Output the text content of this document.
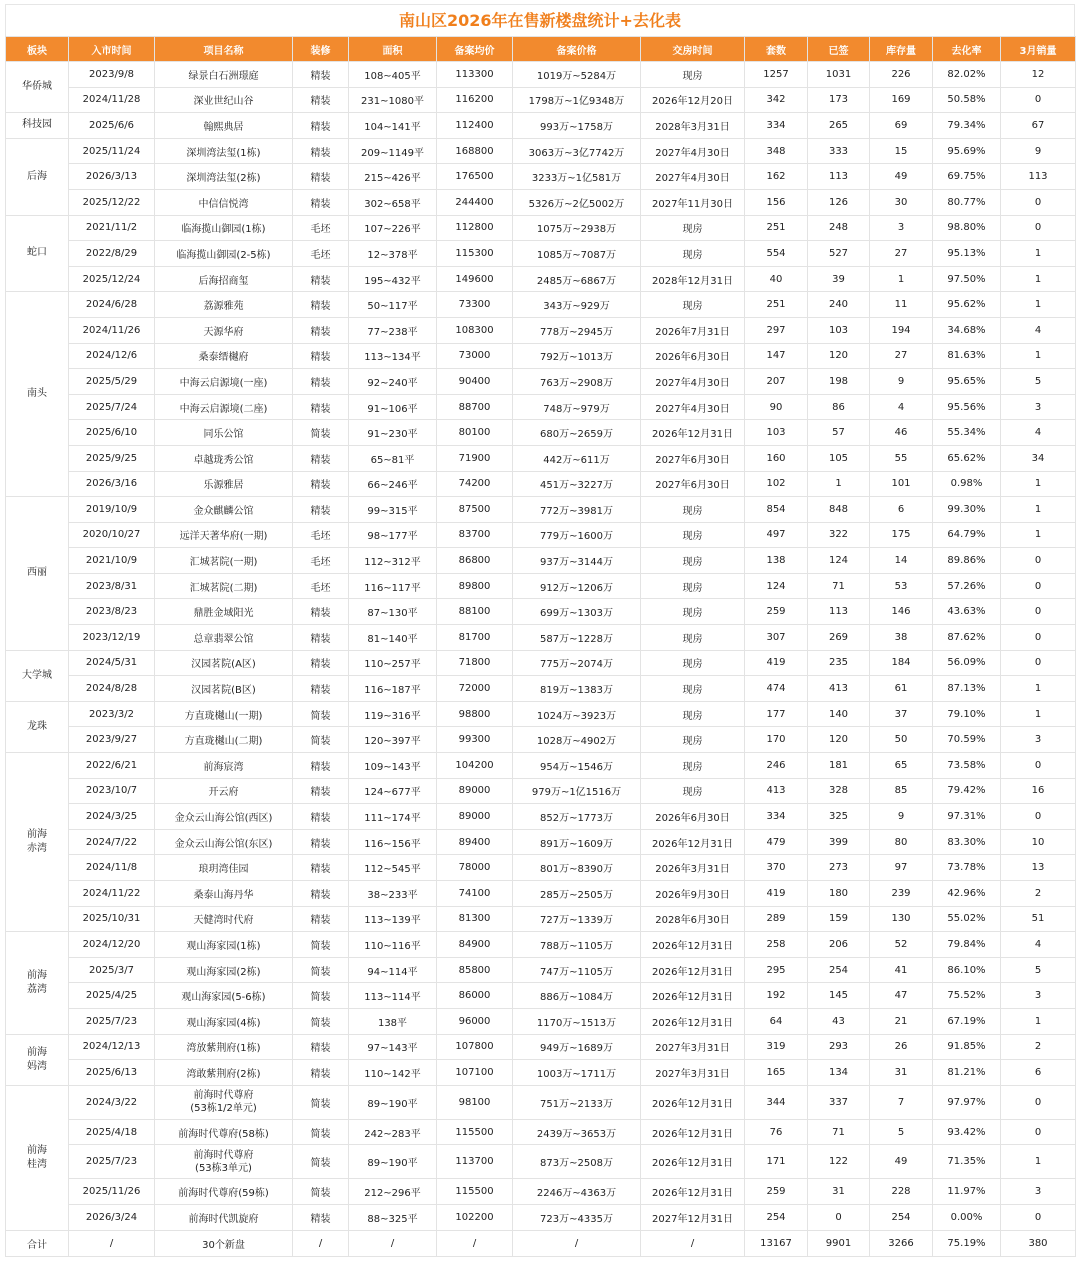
南山区2026年在售新楼盘统计+去化表
板块	入市时间	项目名称	装修	面积	备案均价	备案价格	交房时间	套数	已签	库存量	去化率	3月销量
华侨城	2023/9/8	绿景白石洲璟庭	精装	108~405平	113300	1019万~5284万	现房	1257	1031	226	82.02%	12
	2024/11/28	深业世纪山谷	精装	231~1080平	116200	1798万~1亿9348万	2026年12月20日	342	173	169	50.58%	0
科技园	2025/6/6	翰熙典居	精装	104~141平	112400	993万~1758万	2028年3月31日	334	265	69	79.34%	67
后海	2025/11/24	深圳湾法玺(1栋)	精装	209~1149平	168800	3063万~3亿7742万	2027年4月30日	348	333	15	95.69%	9
	2026/3/13	深圳湾法玺(2栋)	精装	215~426平	176500	3233万~1亿581万	2027年4月30日	162	113	49	69.75%	113
	2025/12/22	中信信悦湾	精装	302~658平	244400	5326万~2亿5002万	2027年11月30日	156	126	30	80.77%	0
蛇口	2021/11/2	临海揽山御园(1栋)	毛坯	107~226平	112800	1075万~2938万	现房	251	248	3	98.80%	0
	2022/8/29	临海揽山御园(2-5栋)	毛坯	12~378平	115300	1085万~7087万	现房	554	527	27	95.13%	1
	2025/12/24	后海招商玺	精装	195~432平	149600	2485万~6867万	2028年12月31日	40	39	1	97.50%	1
南头	2024/6/28	荔源雅苑	精装	50~117平	73300	343万~929万	现房	251	240	11	95.62%	1
	2024/11/26	天源华府	精装	77~238平	108300	778万~2945万	2026年7月31日	297	103	194	34.68%	4
	2024/12/6	桑泰缙樾府	精装	113~134平	73000	792万~1013万	2026年6月30日	147	120	27	81.63%	1
	2025/5/29	中海云启源境(一座)	精装	92~240平	90400	763万~2908万	2027年4月30日	207	198	9	95.65%	5
	2025/7/24	中海云启源境(二座)	精装	91~106平	88700	748万~979万	2027年4月30日	90	86	4	95.56%	3
	2025/6/10	同乐公馆	简装	91~230平	80100	680万~2659万	2026年12月31日	103	57	46	55.34%	4
	2025/9/25	卓越珑秀公馆	精装	65~81平	71900	442万~611万	2027年6月30日	160	105	55	65.62%	34
	2026/3/16	乐源雅居	精装	66~246平	74200	451万~3227万	2027年6月30日	102	1	101	0.98%	1
西丽	2019/10/9	金众麒麟公馆	精装	99~315平	87500	772万~3981万	现房	854	848	6	99.30%	1
	2020/10/27	远洋天著华府(一期)	毛坯	98~177平	83700	779万~1600万	现房	497	322	175	64.79%	1
	2021/10/9	汇城茗院(一期)	毛坯	112~312平	86800	937万~3144万	现房	138	124	14	89.86%	0
	2023/8/31	汇城茗院(二期)	毛坯	116~117平	89800	912万~1206万	现房	124	71	53	57.26%	0
	2023/8/23	鼎胜金域阳光	精装	87~130平	88100	699万~1303万	现房	259	113	146	43.63%	0
	2023/12/19	总章翡翠公馆	精装	81~140平	81700	587万~1228万	现房	307	269	38	87.62%	0
大学城	2024/5/31	汉园茗院(A区)	精装	110~257平	71800	775万~2074万	现房	419	235	184	56.09%	0
	2024/8/28	汉园茗院(B区)	精装	116~187平	72000	819万~1383万	现房	474	413	61	87.13%	1
龙珠	2023/3/2	方直珑樾山(一期)	简装	119~316平	98800	1024万~3923万	现房	177	140	37	79.10%	1
	2023/9/27	方直珑樾山(二期)	简装	120~397平	99300	1028万~4902万	现房	170	120	50	70.59%	3
前海
赤湾	2022/6/21	前海宸湾	精装	109~143平	104200	954万~1546万	现房	246	181	65	73.58%	0
	2023/10/7	开云府	精装	124~677平	89000	979万~1亿1516万	现房	413	328	85	79.42%	16
	2024/3/25	金众云山海公馆(西区)	精装	111~174平	89000	852万~1773万	2026年6月30日	334	325	9	97.31%	0
	2024/7/22	金众云山海公馆(东区)	精装	116~156平	89400	891万~1609万	2026年12月31日	479	399	80	83.30%	10
	2024/11/8	琅玥湾佳园	精装	112~545平	78000	801万~8390万	2026年3月31日	370	273	97	73.78%	13
	2024/11/22	桑泰山海丹华	精装	38~233平	74100	285万~2505万	2026年9月30日	419	180	239	42.96%	2
	2025/10/31	天健湾时代府	精装	113~139平	81300	727万~1339万	2028年6月30日	289	159	130	55.02%	51
前海
荔湾	2024/12/20	观山海家园(1栋)	简装	110~116平	84900	788万~1105万	2026年12月31日	258	206	52	79.84%	4
	2025/3/7	观山海家园(2栋)	简装	94~114平	85800	747万~1105万	2026年12月31日	295	254	41	86.10%	5
	2025/4/25	观山海家园(5-6栋)	简装	113~114平	86000	886万~1084万	2026年12月31日	192	145	47	75.52%	3
	2025/7/23	观山海家园(4栋)	简装	138平	96000	1170万~1513万	2026年12月31日	64	43	21	67.19%	1
前海
妈湾	2024/12/13	湾放紫荆府(1栋)	精装	97~143平	107800	949万~1689万	2027年3月31日	319	293	26	91.85%	2
	2025/6/13	湾敢紫荆府(2栋)	精装	110~142平	107100	1003万~1711万	2027年3月31日	165	134	31	81.21%	6
前海
桂湾	2024/3/22	前海时代尊府
(53栋1/2单元)	简装	89~190平	98100	751万~2133万	2026年12月31日	344	337	7	97.97%	0
	2025/4/18	前海时代尊府(58栋)	简装	242~283平	115500	2439万~3653万	2026年12月31日	76	71	5	93.42%	0
	2025/7/23	前海时代尊府
(53栋3单元)	简装	89~190平	113700	873万~2508万	2026年12月31日	171	122	49	71.35%	1
	2025/11/26	前海时代尊府(59栋)	简装	212~296平	115500	2246万~4363万	2026年12月31日	259	31	228	11.97%	3
	2026/3/24	前海时代凯旋府	精装	88~325平	102200	723万~4335万	2027年12月31日	254	0	254	0.00%	0
合计	/	30个新盘	/	/	/	/	/	13167	9901	3266	75.19%	380
